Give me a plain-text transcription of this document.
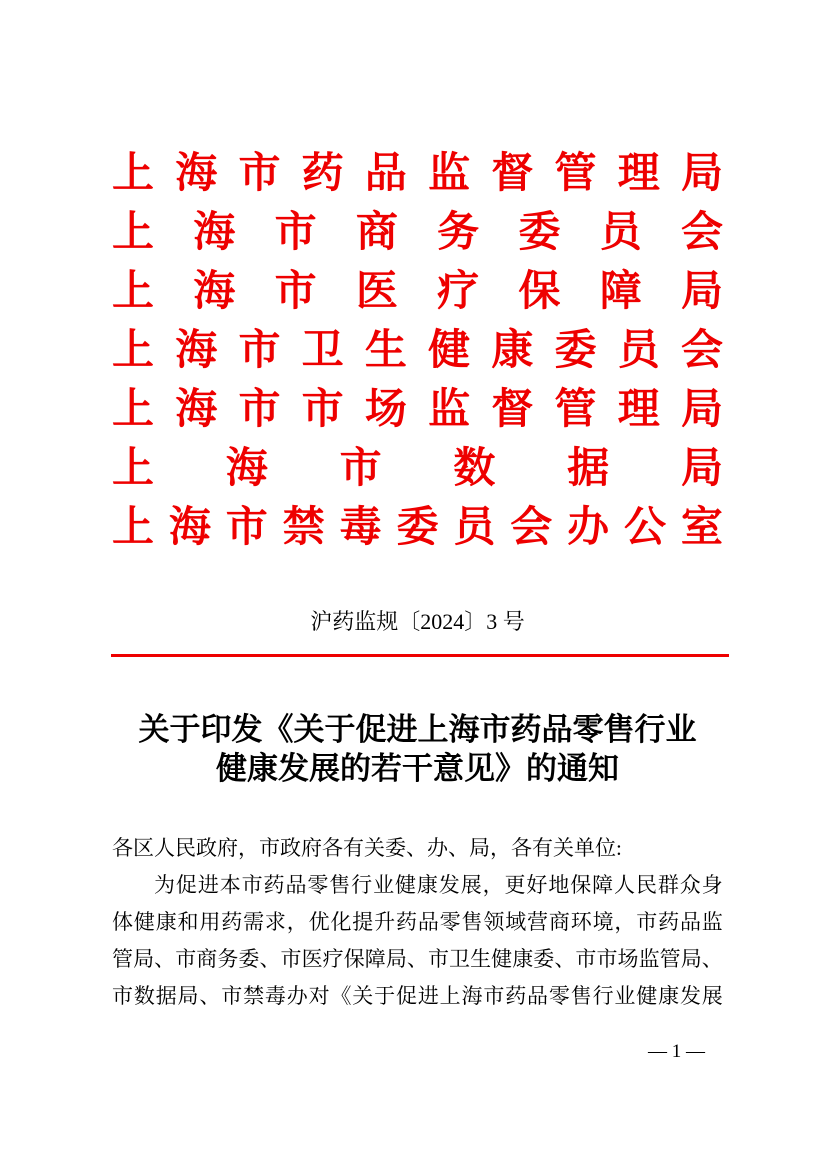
上 海 市 药 品 监 督 管 理 局
上 海 市 商 务 委 员 会
上 海 市 医 疗 保 障 局
上 海 市 卫 生 健 康 委 员 会
上 海 市 市 场 监 督 管 理 局
上 海 市 数 据 局
上 海 市 禁 毒 委 员 会 办 公 室
沪药监规〔2024〕3 号
关于印发《关于促进上海市药品零售行业
健康发展的若干意见》的通知
各区人民政府，市政府各有关委、办、局，各有关单位:
为 促 进 本 市 药 品 零 售 行 业 健 康 发 展 ， 更 好 地 保 障 人 民 群 众 身
体 健 康 和 用 药 需 求 ， 优 化 提 升 药 品 零 售 领 域 营 商 环 境 ， 市 药 品 监
管 局 、 市 商 务 委 、 市 医 疗 保 障 局 、 市 卫 生 健 康 委 、 市 市 场 监 管 局 、
市 数 据 局 、 市 禁 毒 办 对 《 关 于 促 进 上 海 市 药 品 零 售 行 业 健 康 发 展
— 1 —
